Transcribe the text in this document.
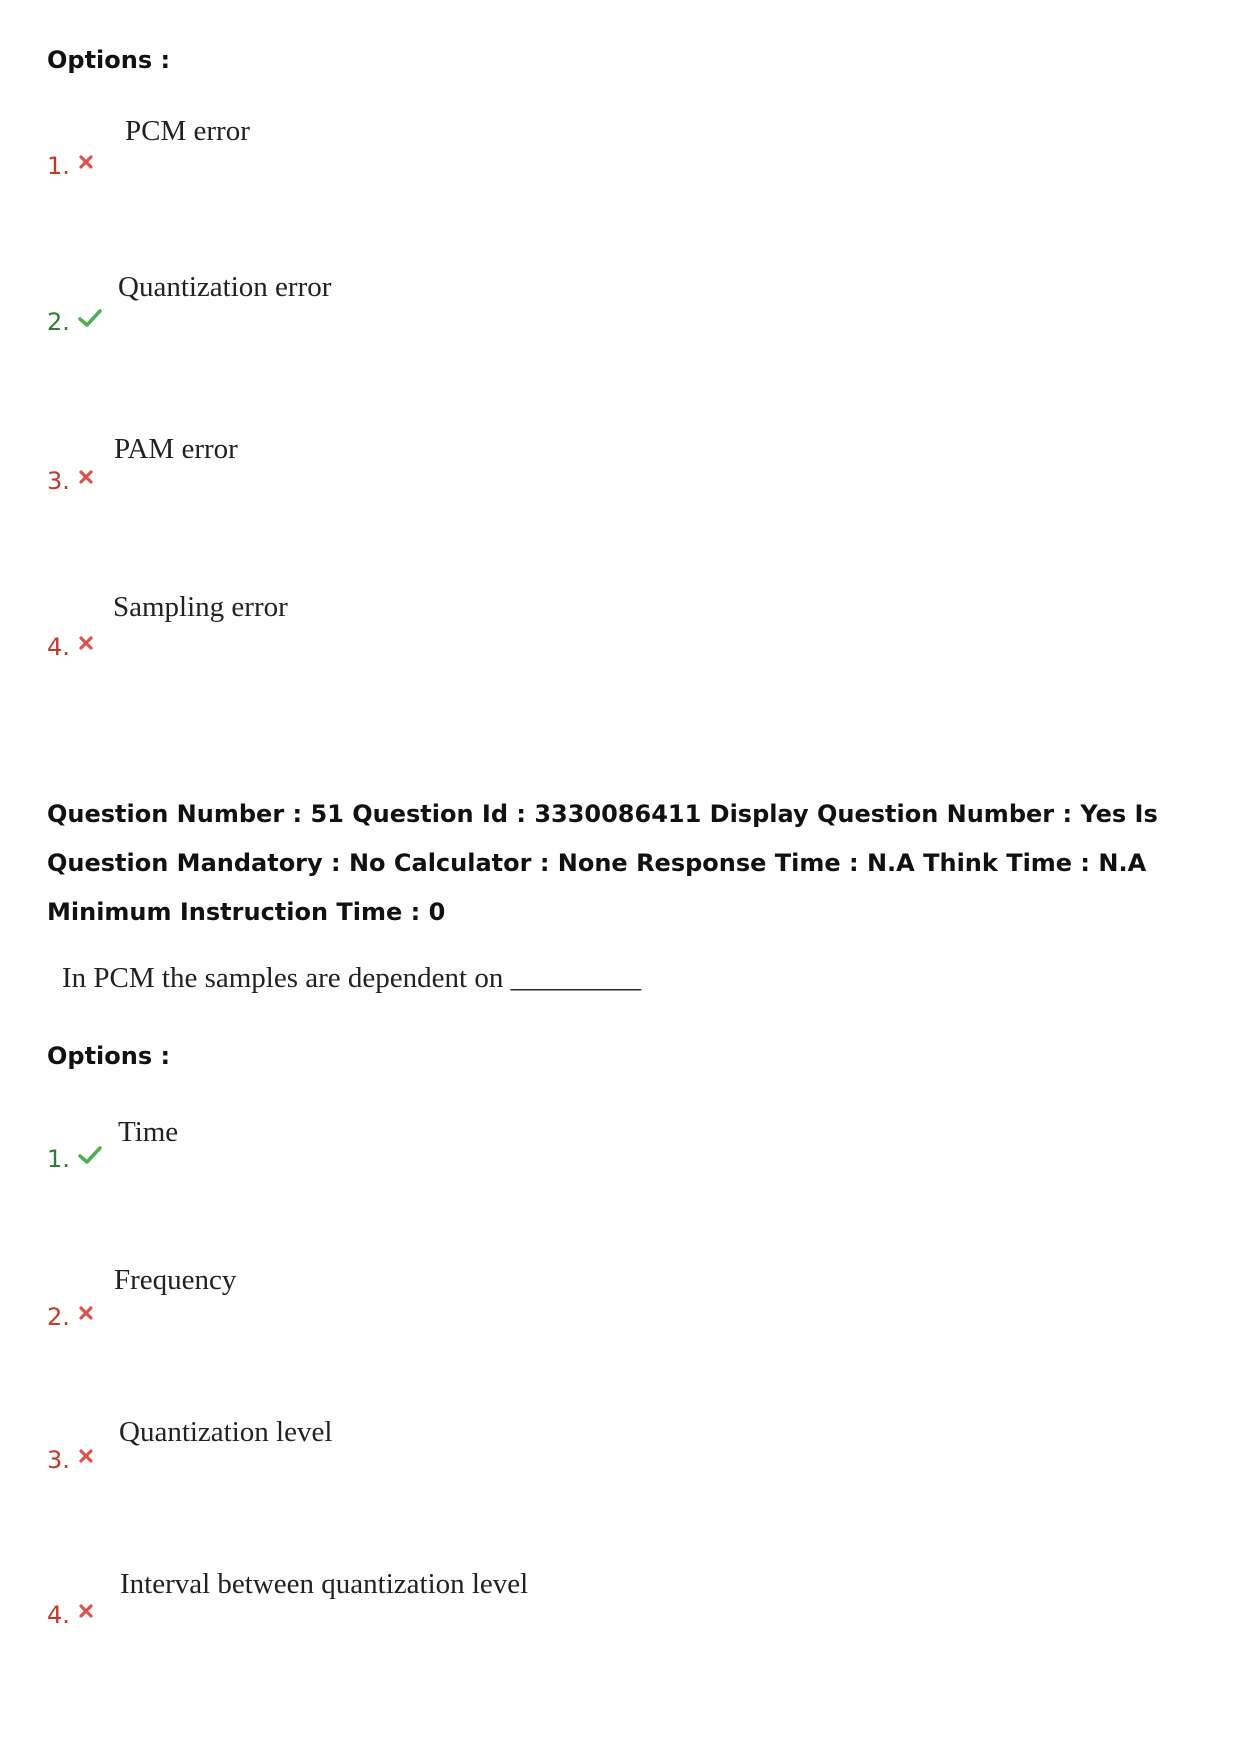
Options :
PCM error
1.
Quantization error
2.
PAM error
3.
Sampling error
4.
Question Number : 51 Question Id : 3330086411 Display Question Number : Yes Is Question Mandatory : No Calculator : None Response Time : N.A Think Time : N.A Minimum Instruction Time : 0
In PCM the samples are dependent on _________
Options :
Time
1.
Frequency
2.
Quantization level
3.
Interval between quantization level
4.
